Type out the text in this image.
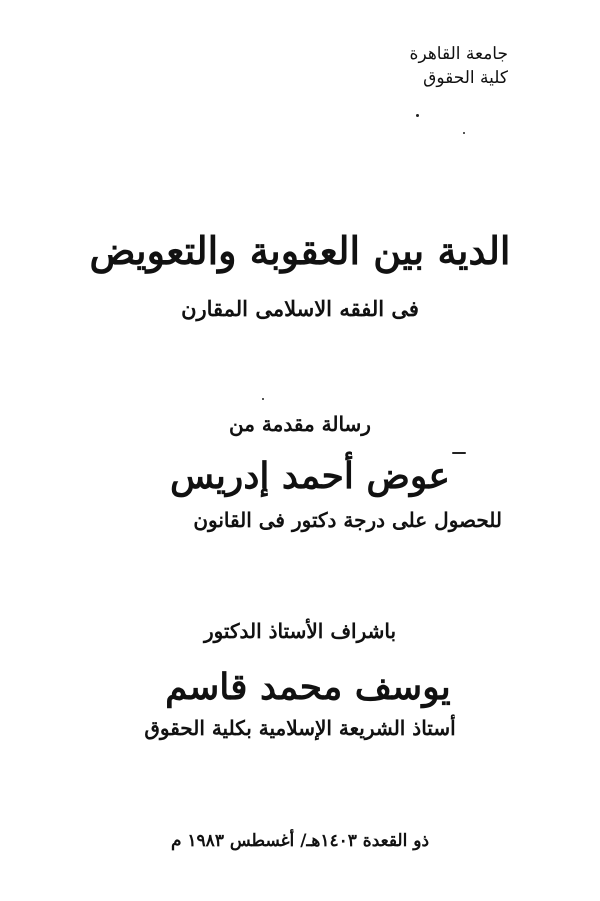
جامعة القاهرة
كلية الحقوق
الدية بين العقوبة والتعويض
فى الفقه الاسلامى المقارن
رسالة مقدمة من
عوض أحمد إدريس
للحصول على درجة دكتور فى القانون
باشراف الأستاذ الدكتور
يوسف محمد قاسم
أستاذ الشريعة الإسلامية بكلية الحقوق
ذو القعدة ١٤٠٣هـ/ أغسطس ١٩٨٣ م
